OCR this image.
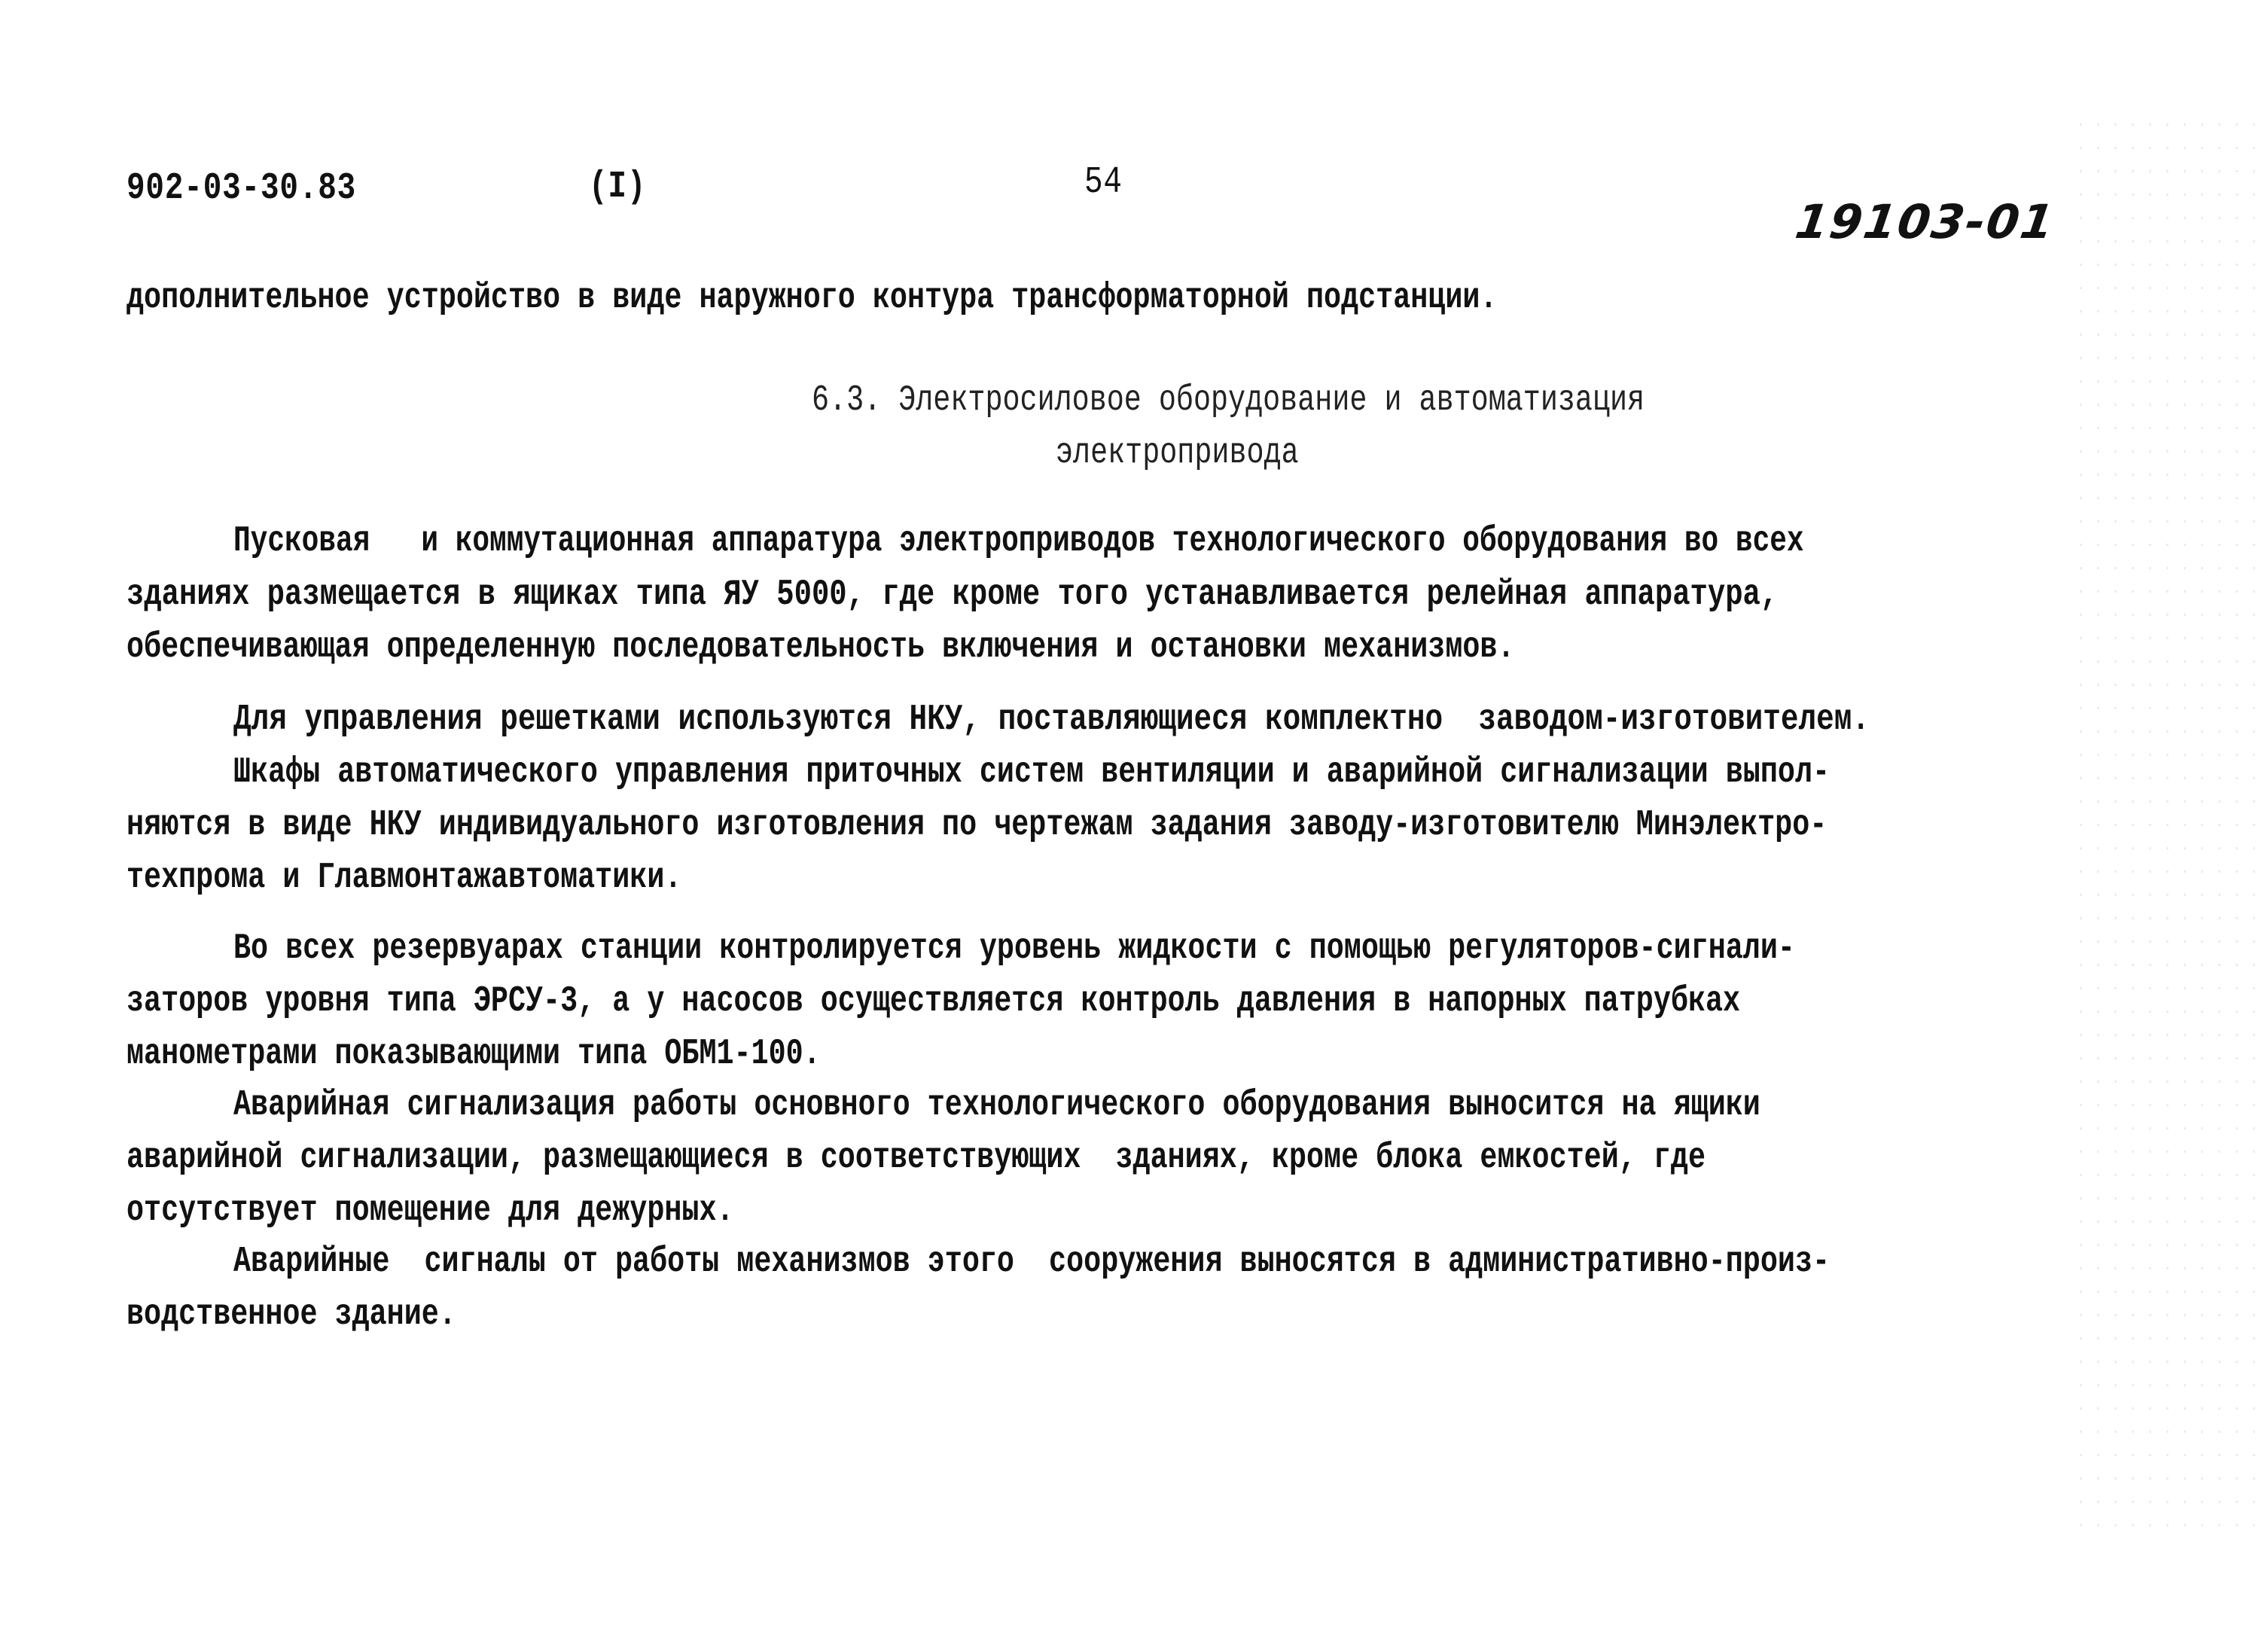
902-03-30.83	(I)	54
19103-01
дополнительное устройство в виде наружного контура трансформаторной подстанции.
6.3. Электросиловое оборудование и автоматизация
электропривода
Пусковая   и коммутационная аппаратура электроприводов технологического оборудования во всех
зданиях размещается в ящиках типа ЯУ 5000, где кроме того устанавливается релейная аппаратура,
обеспечивающая определенную последовательность включения и остановки механизмов.
Для управления решетками используются НКУ, поставляющиеся комплектно  заводом-изготовителем.
Шкафы автоматического управления приточных систем вентиляции и аварийной сигнализации выпол-
няются в виде НКУ индивидуального изготовления по чертежам задания заводу-изготовителю Минэлектро-
техпрома и Главмонтажавтоматики.
Во всех резервуарах станции контролируется уровень жидкости с помощью регуляторов-сигнали-
заторов уровня типа ЭРСУ-3, а у насосов осуществляется контроль давления в напорных патрубках
манометрами показывающими типа ОБМ1-100.
Аварийная сигнализация работы основного технологического оборудования выносится на ящики
аварийной сигнализации, размещающиеся в соответствующих  зданиях, кроме блока емкостей, где
отсутствует помещение для дежурных.
Аварийные  сигналы от работы механизмов этого  сооружения выносятся в административно-произ-
водственное здание.
